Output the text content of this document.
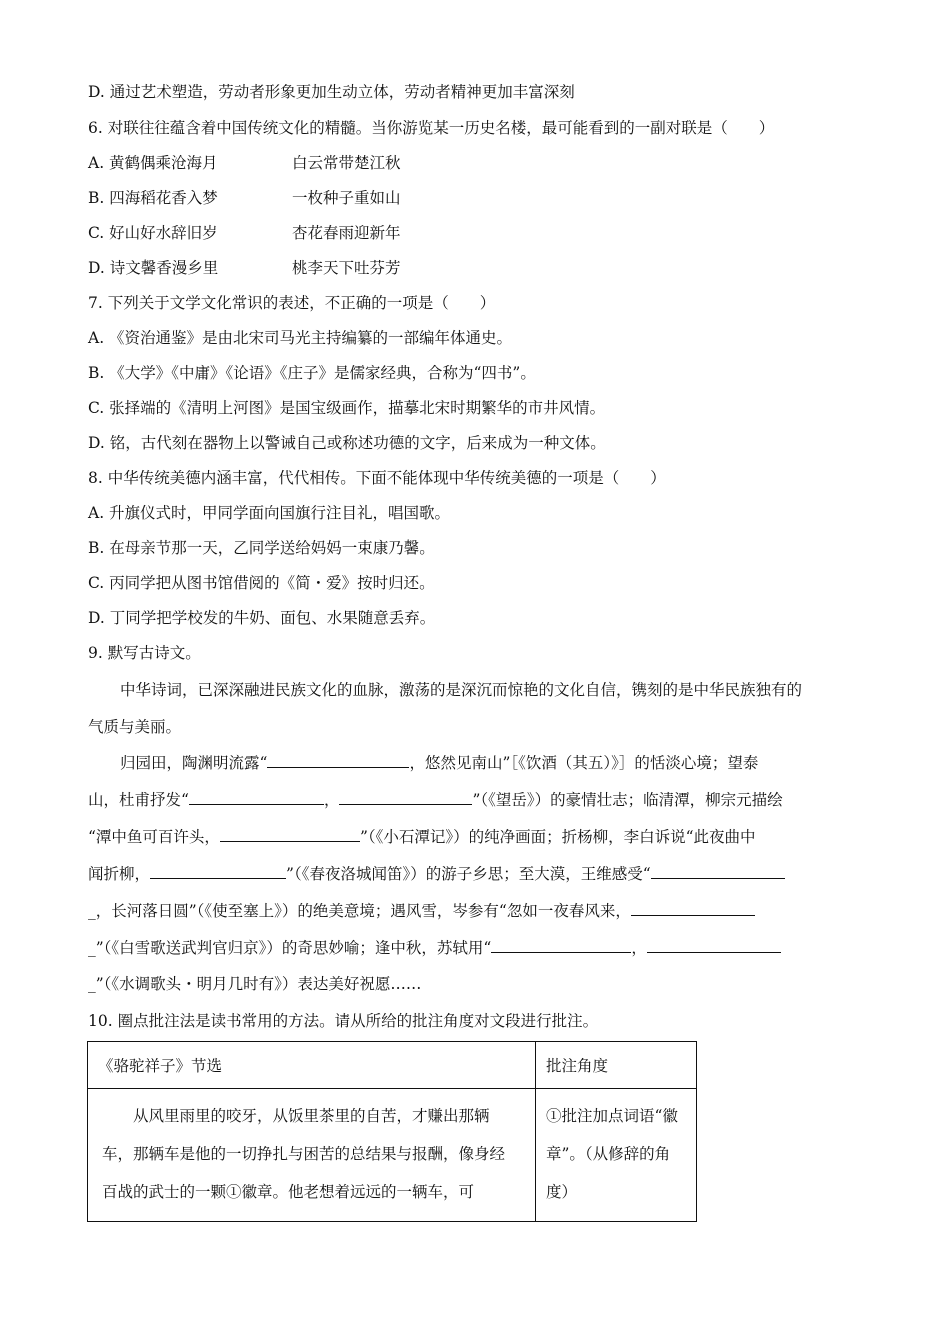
D. 通过艺术塑造，劳动者形象更加生动立体，劳动者精神更加丰富深刻
6. 对联往往蕴含着中国传统文化的精髓。当你游览某一历史名楼，最可能看到的一副对联是（　　）
A. 黄鹤偶乘沧海月	白云常带楚江秋
B. 四海稻花香入梦	一枚种子重如山
C. 好山好水辞旧岁	杏花春雨迎新年
D. 诗文馨香漫乡里	桃李天下吐芬芳
7. 下列关于文学文化常识的表述，不正确的一项是（　　）
A. 《资治通鉴》是由北宋司马光主持编纂的一部编年体通史。
B. 《大学》《中庸》《论语》《庄子》是儒家经典，合称为“四书”。
C. 张择端的《清明上河图》是国宝级画作，描摹北宋时期繁华的市井风情。
D. 铭，古代刻在器物上以警诫自己或称述功德的文字，后来成为一种文体。
8. 中华传统美德内涵丰富，代代相传。下面不能体现中华传统美德的一项是（　　）
A. 升旗仪式时，甲同学面向国旗行注目礼，唱国歌。
B. 在母亲节那一天，乙同学送给妈妈一束康乃馨。
C. 丙同学把从图书馆借阅的《简・爱》按时归还。
D. 丁同学把学校发的牛奶、面包、水果随意丢弃。
9. 默写古诗文。
中华诗词，已深深融进民族文化的血脉，激荡的是深沉而惊艳的文化自信，镌刻的是中华民族独有的
气质与美丽。
归园田，陶渊明流露“	，悠然见南山”［《饮酒（其五）》］的恬淡心境；望泰
山，杜甫抒发“	，	”（《望岳》）的豪情壮志；临清潭，柳宗元描绘
“潭中鱼可百许头，	”（《小石潭记》）的纯净画面；折杨柳，李白诉说“此夜曲中
闻折柳，	”（《春夜洛城闻笛》）的游子乡思；至大漠，王维感受“
_，长河落日圆”（《使至塞上》）的绝美意境；遇风雪，岑参有“忽如一夜春风来，
_”（《白雪歌送武判官归京》）的奇思妙喻；逢中秋，苏轼用“	，
_”（《水调歌头・明月几时有》）表达美好祝愿……
10. 圈点批注法是读书常用的方法。请从所给的批注角度对文段进行批注。
《骆驼祥子》节选	批注角度

从风里雨里的咬牙，从饭里茶里的自苦，才赚出那辆车，那辆车是他的一切挣扎与困苦的总结果与报酬，像身经百战的武士的一颗①徽章。他老想着远远的一辆车，可	①批注加点词语“徽章”。（从修辞的角度）
